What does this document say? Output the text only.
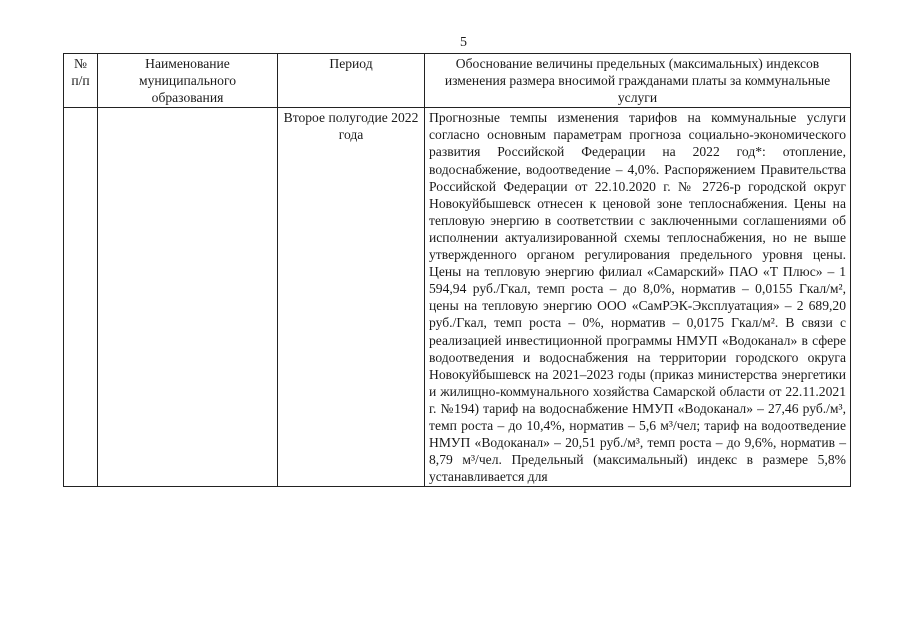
5
№ п/п	Наименование муниципального образования	Период	Обоснование величины предельных (максимальных) индексов изменения размера вносимой гражданами платы за коммунальные услуги
		Второе полугодие 2022 года	Прогнозные темпы изменения тарифов на коммунальные услуги согласно основным параметрам прогноза социально-экономического развития Российской Федерации на 2022 год*: отопление, водоснабжение, водоотведение – 4,0%. Распоряжением Правительства Российской Федерации от 22.10.2020 г. № 2726-р городской округ Новокуйбышевск отнесен к ценовой зоне теплоснабжения. Цены на тепловую энергию в соответствии с заключенными соглашениями об исполнении актуализированной схемы теплоснабжения, но не выше утвержденного органом регулирования предельного уровня цены. Цены на тепловую энергию филиал «Самарский» ПАО «Т Плюс» – 1 594,94 руб./Гкал, темп роста – до 8,0%, норматив – 0,0155 Гкал/м², цены на тепловую энергию ООО «СамРЭК-Эксплуатация» – 2 689,20 руб./Гкал, темп роста – 0%, норматив – 0,0175 Гкал/м². В связи с реализацией инвестиционной программы НМУП «Водоканал» в сфере водоотведения и водоснабжения на территории городского округа Новокуйбышевск на 2021–2023 годы (приказ министерства энергетики и жилищно-коммунального хозяйства Самарской области от 22.11.2021 г. №194) тариф на водоснабжение НМУП «Водоканал» – 27,46 руб./м³, темп роста – до 10,4%, норматив – 5,6 м³/чел; тариф на водоотведение НМУП «Водоканал» – 20,51 руб./м³, темп роста – до 9,6%, норматив – 8,79 м³/чел. Предельный (максимальный) индекс в размере 5,8% устанавливается для
